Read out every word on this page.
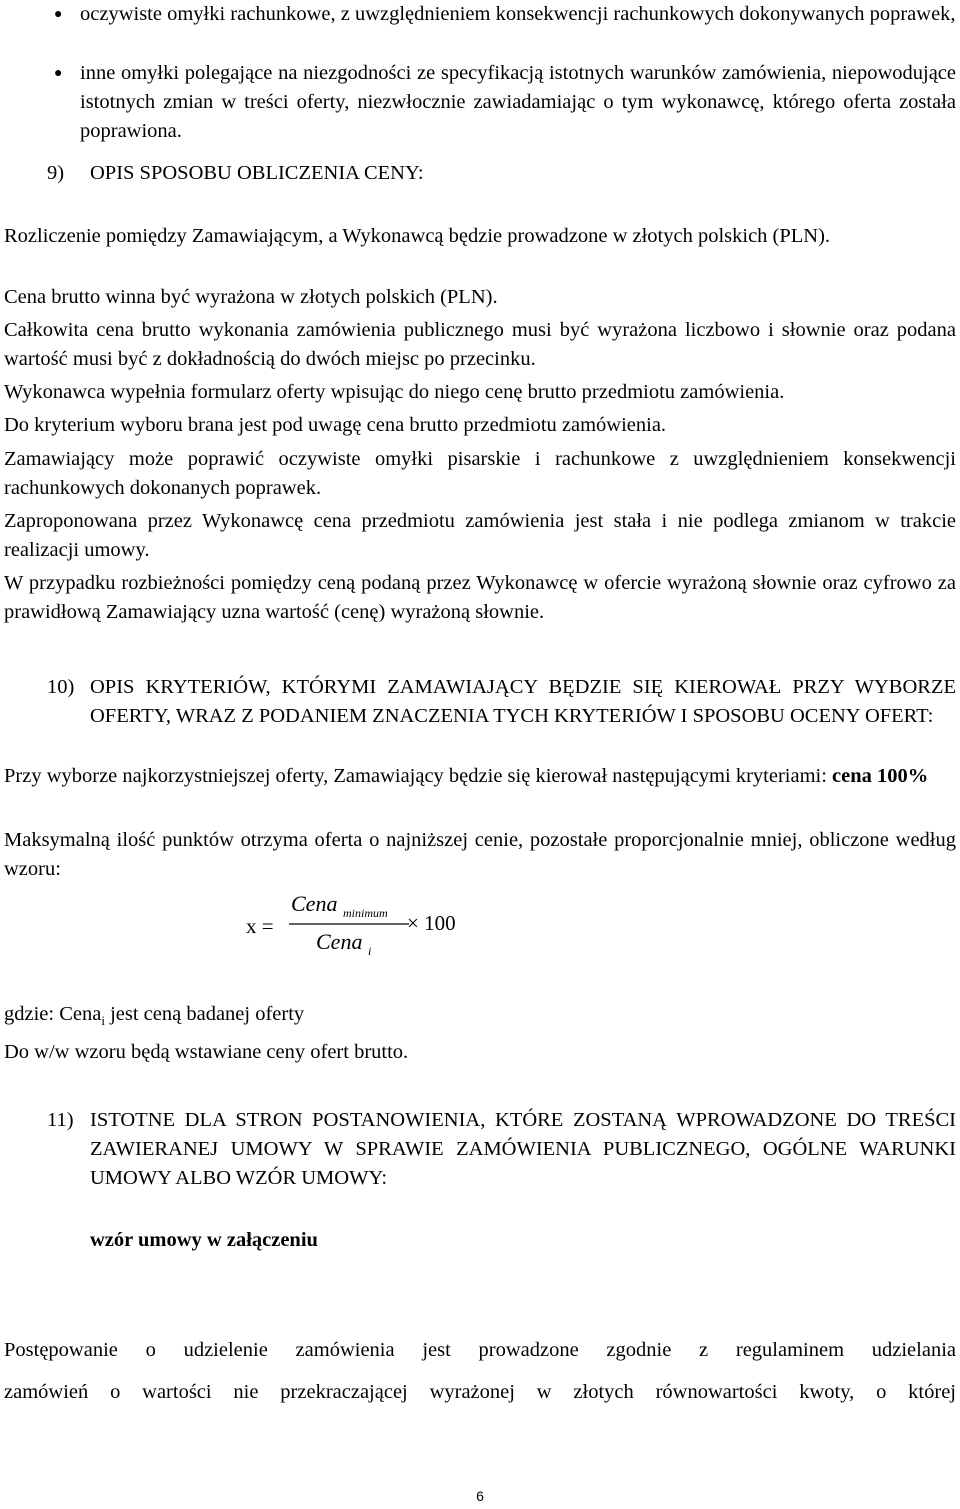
● oczywiste omyłki rachunkowe, z uwzględnieniem konsekwencji rachunkowych dokonywanych poprawek,
● inne omyłki polegające na niezgodności ze specyfikacją istotnych warunków zamówienia, niepowodujące istotnych zmian w treści oferty, niezwłocznie zawiadamiając o tym wykonawcę, którego oferta została poprawiona.
9) OPIS SPOSOBU OBLICZENIA CENY:
Rozliczenie pomiędzy Zamawiającym, a Wykonawcą będzie prowadzone w złotych polskich (PLN).
Cena brutto winna być wyrażona w złotych polskich (PLN).
Całkowita cena brutto wykonania zamówienia publicznego musi być wyrażona liczbowo i słownie oraz podana wartość musi być z dokładnością do dwóch miejsc po przecinku.
Wykonawca wypełnia formularz oferty wpisując do niego cenę brutto przedmiotu zamówienia.
Do kryterium wyboru brana jest pod uwagę cena brutto przedmiotu zamówienia.
Zamawiający może poprawić oczywiste omyłki pisarskie i rachunkowe z uwzględnieniem konsekwencji rachunkowych dokonanych poprawek.
Zaproponowana przez Wykonawcę cena przedmiotu zamówienia jest stała i nie podlega zmianom w trakcie realizacji umowy.
W przypadku rozbieżności pomiędzy ceną podaną przez Wykonawcę w ofercie wyrażoną słownie oraz cyfrowo za prawidłową Zamawiający uzna wartość (cenę) wyrażoną słownie.
10) OPIS KRYTERIÓW, KTÓRYMI ZAMAWIAJĄCY BĘDZIE SIĘ KIEROWAŁ PRZY WYBORZE OFERTY, WRAZ Z PODANIEM ZNACZENIA TYCH KRYTERIÓW I SPOSOBU OCENY OFERT:
Przy wyborze najkorzystniejszej oferty, Zamawiający będzie się kierował następującymi kryteriami: cena 100%
Maksymalną ilość punktów otrzyma oferta o najniższej cenie, pozostałe proporcjonalnie mniej, obliczone według wzoru:
x =
Cena minimum
Cena i
× 100
gdzie: Cena$_i$ jest ceną badanej oferty
Do w/w wzoru będą wstawiane ceny ofert brutto.
11) ISTOTNE DLA STRON POSTANOWIENIA, KTÓRE ZOSTANĄ WPROWADZONE DO TREŚCI ZAWIERANEJ UMOWY W SPRAWIE ZAMÓWIENIA PUBLICZNEGO, OGÓLNE WARUNKI UMOWY ALBO WZÓR UMOWY:
wzór umowy w załączeniu
Postępowanie o udzielenie zamówienia jest prowadzone zgodnie z regulaminem udzielania
zamówień o wartości nie przekraczającej wyrażonej w złotych równowartości kwoty, o której
6
